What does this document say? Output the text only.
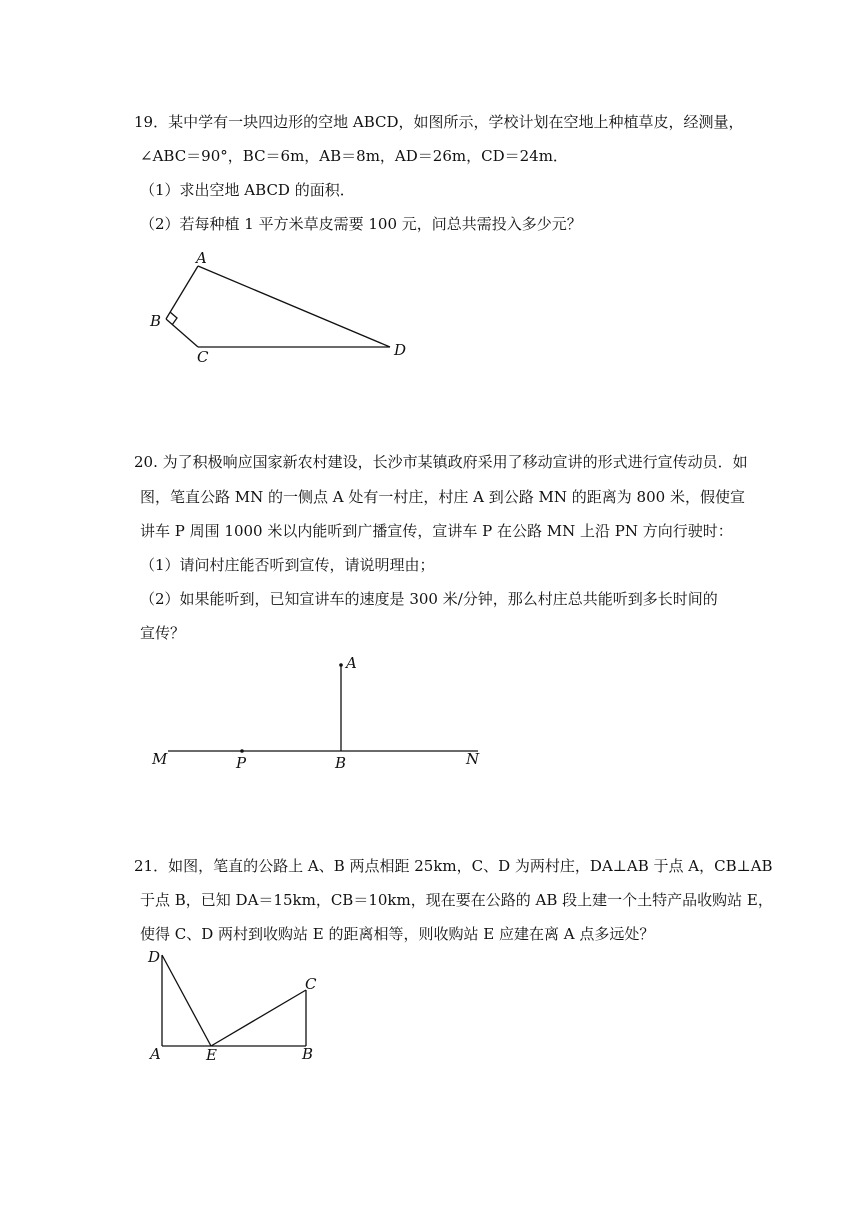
19．某中学有一块四边形的空地 ABCD，如图所示，学校计划在空地上种植草皮，经测量，
∠ABC＝90°，BC＝6m，AB＝8m，AD＝26m，CD＝24m．
（1）求出空地 ABCD 的面积．
（2）若每种植 1 平方米草皮需要 100 元，问总共需投入多少元？
A
B
C	D
20. 为了积极响应国家新农村建设，长沙市某镇政府采用了移动宣讲的形式进行宣传动员．如
图，笔直公路 MN 的一侧点 A 处有一村庄，村庄 A 到公路 MN 的距离为 800 米，假使宣
讲车 P 周围 1000 米以内能听到广播宣传，宣讲车 P 在公路 MN 上沿 PN 方向行驶时：
（1）请问村庄能否听到宣传，请说明理由；
（2）如果能听到，已知宣讲车的速度是 300 米/分钟，那么村庄总共能听到多长时间的
宣传？
A
M	P	B	N
21．如图，笔直的公路上 A、B 两点相距 25km，C、D 为两村庄，DA⊥AB 于点 A，CB⊥AB
于点 B，已知 DA＝15km，CB＝10km，现在要在公路的 AB 段上建一个土特产品收购站 E，
使得 C、D 两村到收购站 E 的距离相等，则收购站 E 应建在离 A 点多远处？
D
C
A	E	B
